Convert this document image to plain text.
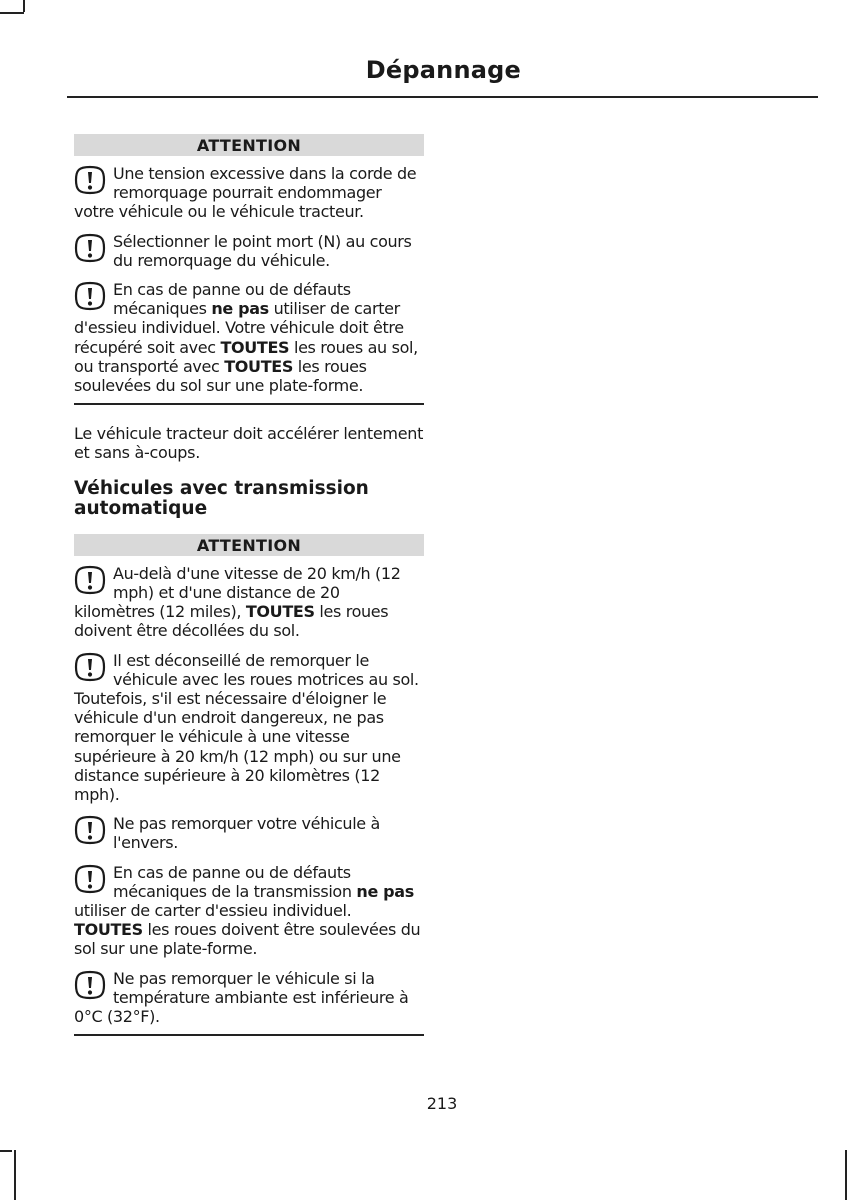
Dépannage
ATTENTION
Une tension excessive dans la corde de remorquage pourrait endommager votre véhicule ou le véhicule tracteur.
Sélectionner le point mort (N) au cours du remorquage du véhicule.
En cas de panne ou de défauts mécaniques ne pas utiliser de carter d'essieu individuel. Votre véhicule doit être récupéré soit avec TOUTES les roues au sol, ou transporté avec TOUTES les roues soulevées du sol sur une plate-forme.
Le véhicule tracteur doit accélérer lentement et sans à-coups.
Véhicules avec transmission automatique
ATTENTION
Au-delà d'une vitesse de 20 km/h (12 mph) et d'une distance de 20 kilomètres (12 miles), TOUTES les roues doivent être décollées du sol.
Il est déconseillé de remorquer le véhicule avec les roues motrices au sol. Toutefois, s'il est nécessaire d'éloigner le véhicule d'un endroit dangereux, ne pas remorquer le véhicule à une vitesse supérieure à 20 km/h (12 mph) ou sur une distance supérieure à 20 kilomètres (12 mph).
Ne pas remorquer votre véhicule à l'envers.
En cas de panne ou de défauts mécaniques de la transmission ne pas utiliser de carter d'essieu individuel. TOUTES les roues doivent être soulevées du sol sur une plate-forme.
Ne pas remorquer le véhicule si la température ambiante est inférieure à 0°C (32°F).
213
